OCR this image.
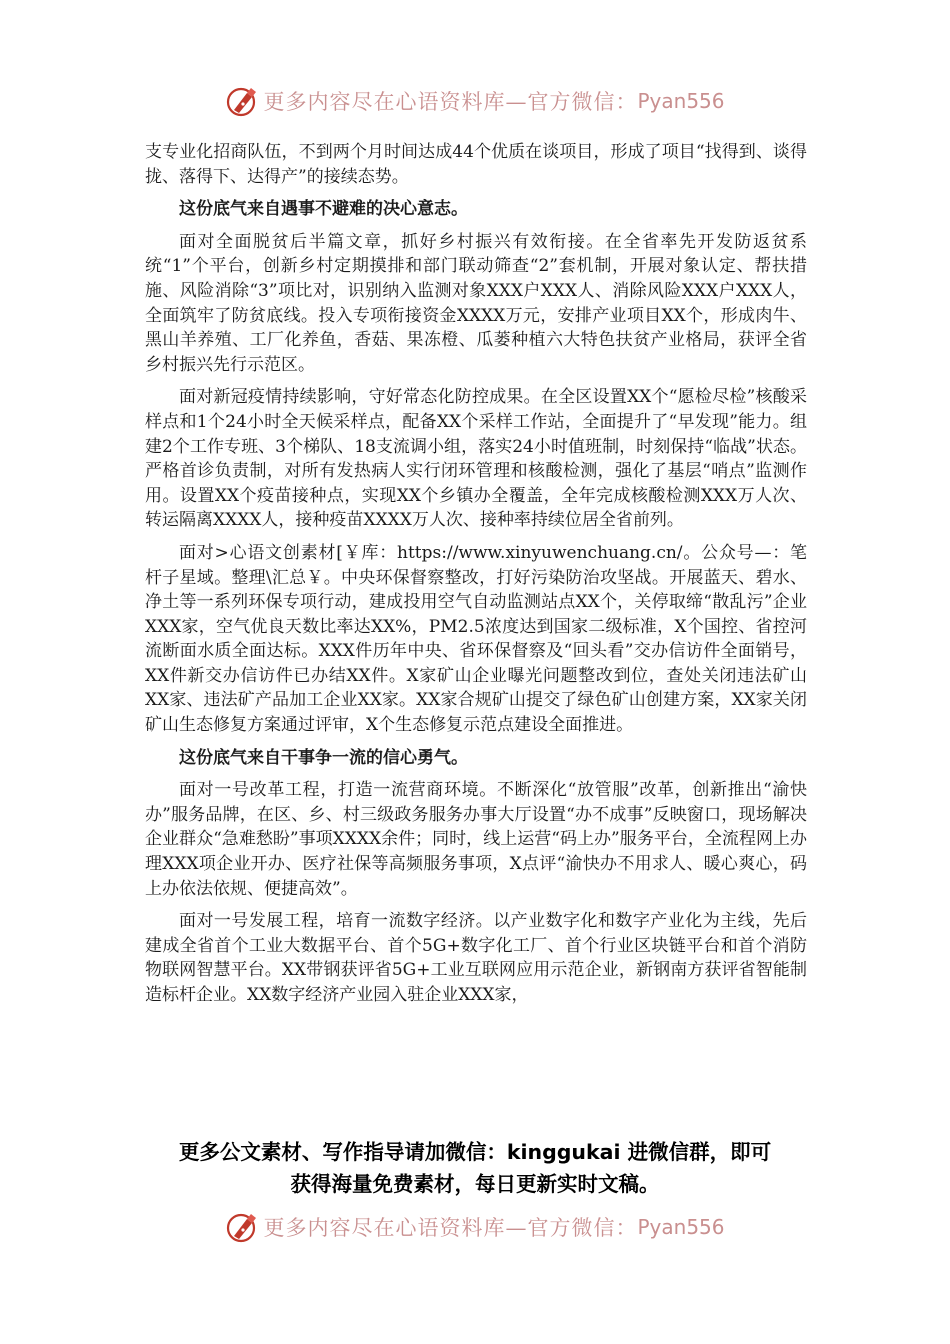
更多内容尽在心语资料库—官方微信： Pyan556

支专业化招商队伍，不到两个月时间达成44个优质在谈项目，形成了项目“找得到、谈得拢、落得下、达得产”的接续态势。

这份底气来自遇事不避难的决心意志。

面对全面脱贫后半篇文章，抓好乡村振兴有效衔接。在全省率先开发防返贫系统“1”个平台，创新乡村定期摸排和部门联动筛查“2”套机制，开展对象认定、帮扶措施、风险消除“3”项比对，识别纳入监测对象XXX户XXX人、消除风险XXX户XXX人，全面筑牢了防贫底线。投入专项衔接资金XXXX万元，安排产业项目XX个，形成肉牛、黑山羊养殖、工厂化养鱼，香菇、果冻橙、瓜蒌种植六大特色扶贫产业格局，获评全省乡村振兴先行示范区。

面对新冠疫情持续影响，守好常态化防控成果。在全区设置XX个“愿检尽检”核酸采样点和1个24小时全天候采样点，配备XX个采样工作站，全面提升了“早发现”能力。组建2个工作专班、3个梯队、18支流调小组，落实24小时值班制，时刻保持“临战”状态。严格首诊负责制，对所有发热病人实行闭环管理和核酸检测，强化了基层“哨点”监测作用。设置XX个疫苗接种点，实现XX个乡镇办全覆盖，全年完成核酸检测XXX万人次、转运隔离XXXX人，接种疫苗XXXX万人次、接种率持续位居全省前列。

面对>心语文创素材[￥库：https://www.xinyuwenchuang.cn/。公众号—：笔杆子星域。整理\汇总￥。中央环保督察整改，打好污染防治攻坚战。开展蓝天、碧水、净土等一系列环保专项行动，建成投用空气自动监测站点XX个，关停取缔“散乱污”企业XXX家，空气优良天数比率达XX%，PM2.5浓度达到国家二级标准，X个国控、省控河流断面水质全面达标。XXX件历年中央、省环保督察及“回头看”交办信访件全面销号，XX件新交办信访件已办结XX件。X家矿山企业曝光问题整改到位，查处关闭违法矿山XX家、违法矿产品加工企业XX家。XX家合规矿山提交了绿色矿山创建方案，XX家关闭矿山生态修复方案通过评审，X个生态修复示范点建设全面推进。

这份底气来自干事争一流的信心勇气。

面对一号改革工程，打造一流营商环境。不断深化“放管服”改革，创新推出“渝快办”服务品牌，在区、乡、村三级政务服务办事大厅设置“办不成事”反映窗口，现场解决企业群众“急难愁盼”事项XXXX余件；同时，线上运营“码上办”服务平台，全流程网上办理XXX项企业开办、医疗社保等高频服务事项，X点评“渝快办不用求人、暖心爽心，码上办依法依规、便捷高效”。

面对一号发展工程，培育一流数字经济。以产业数字化和数字产业化为主线，先后建成全省首个工业大数据平台、首个5G+数字化工厂、首个行业区块链平台和首个消防物联网智慧平台。XX带钢获评省5G+工业互联网应用示范企业，新钢南方获评省智能制造标杆企业。XX数字经济产业园入驻企业XXX家，

更多公文素材、写作指导请加微信：kinggukai 进微信群，即可
获得海量免费素材，每日更新实时文稿。
更多内容尽在心语资料库—官方微信： Pyan556
